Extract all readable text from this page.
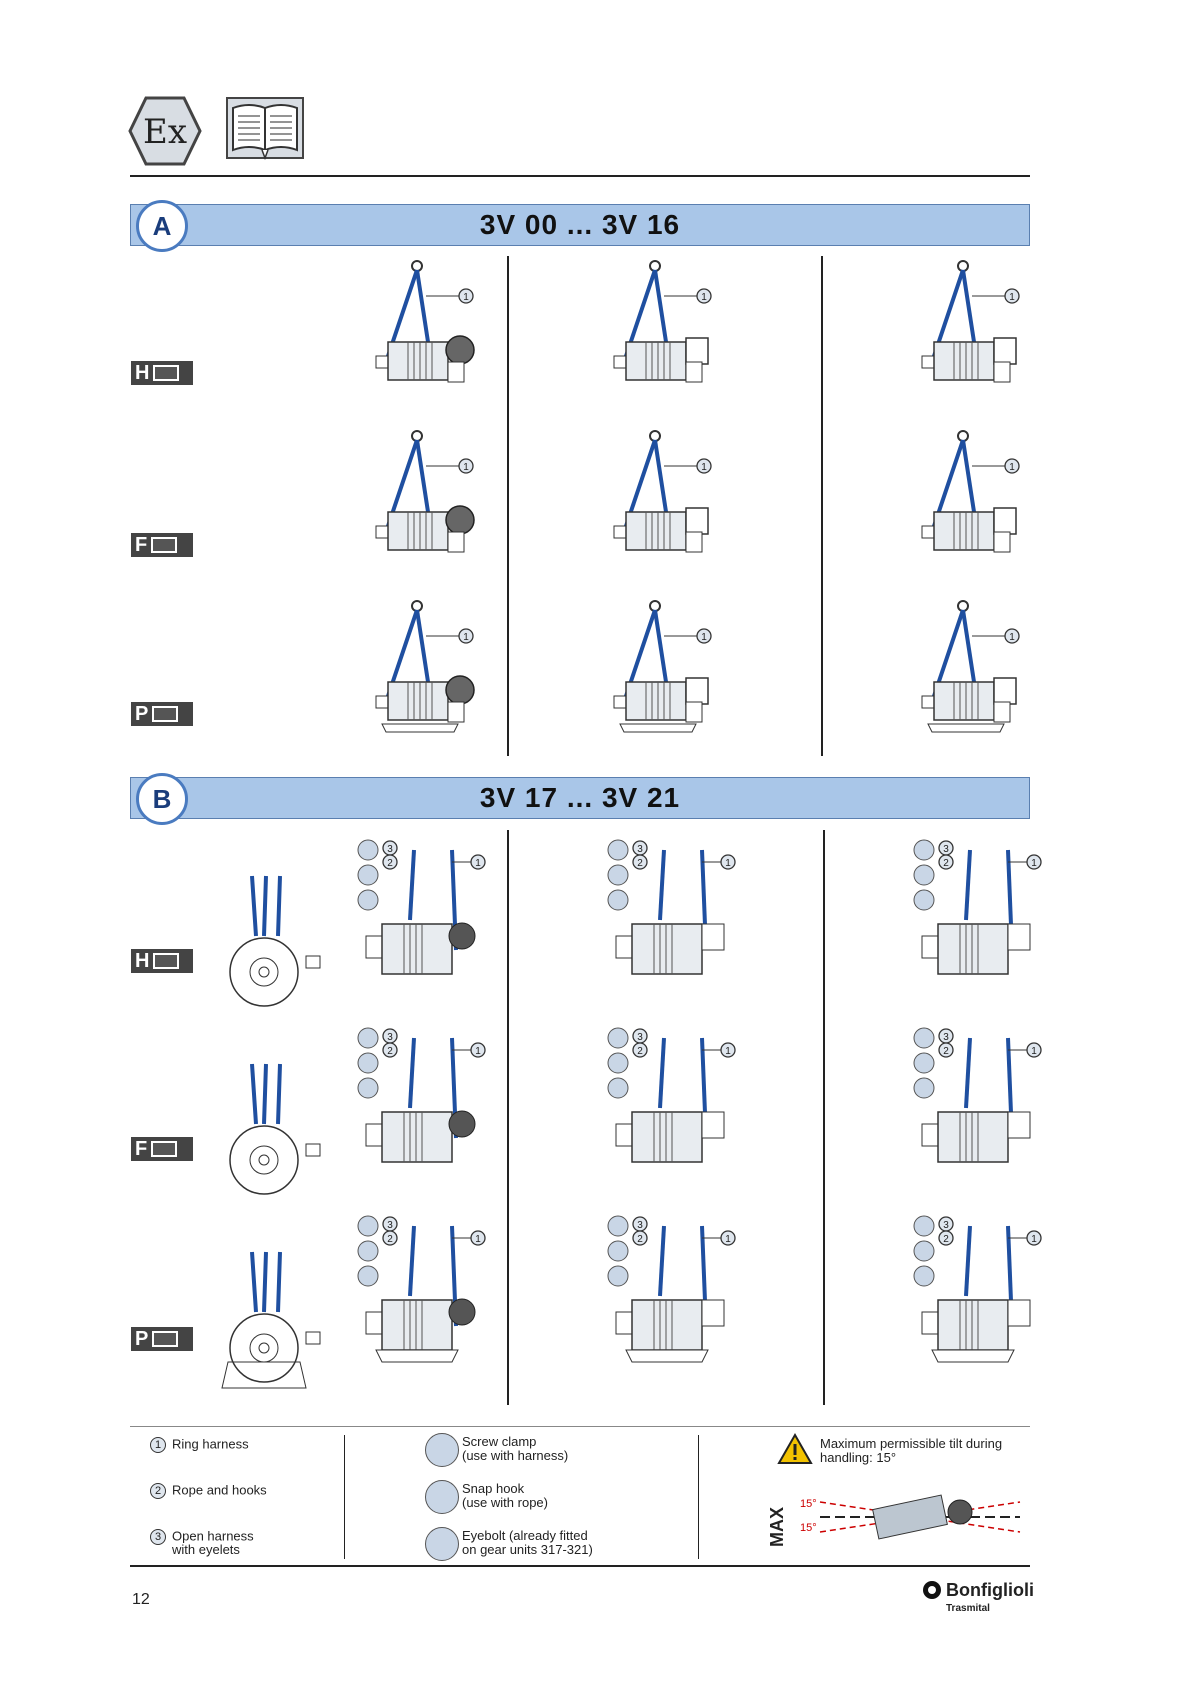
Ex
3V 00 ... 3V 16
A
H
F
P
3V 17 ... 3V 21
B
H
F
P
1 Ring harness
2 Rope and hooks
3 Open harness
with eyelets
Screw clamp
(use with harness)
Snap hook
(use with rope)
Eyebolt (already fitted
on gear units 317-321)
Maximum permissible tilt during
handling: 15°
MAX
15°
15°
12	Bonfiglioli
Trasmital
1	1	1
1	1	1
1	1	1
3
2	1
3
2	1
3
2	1
3
2	1
3
2	1
3
2	1
3
2	1
3
2	1
3
2	1
